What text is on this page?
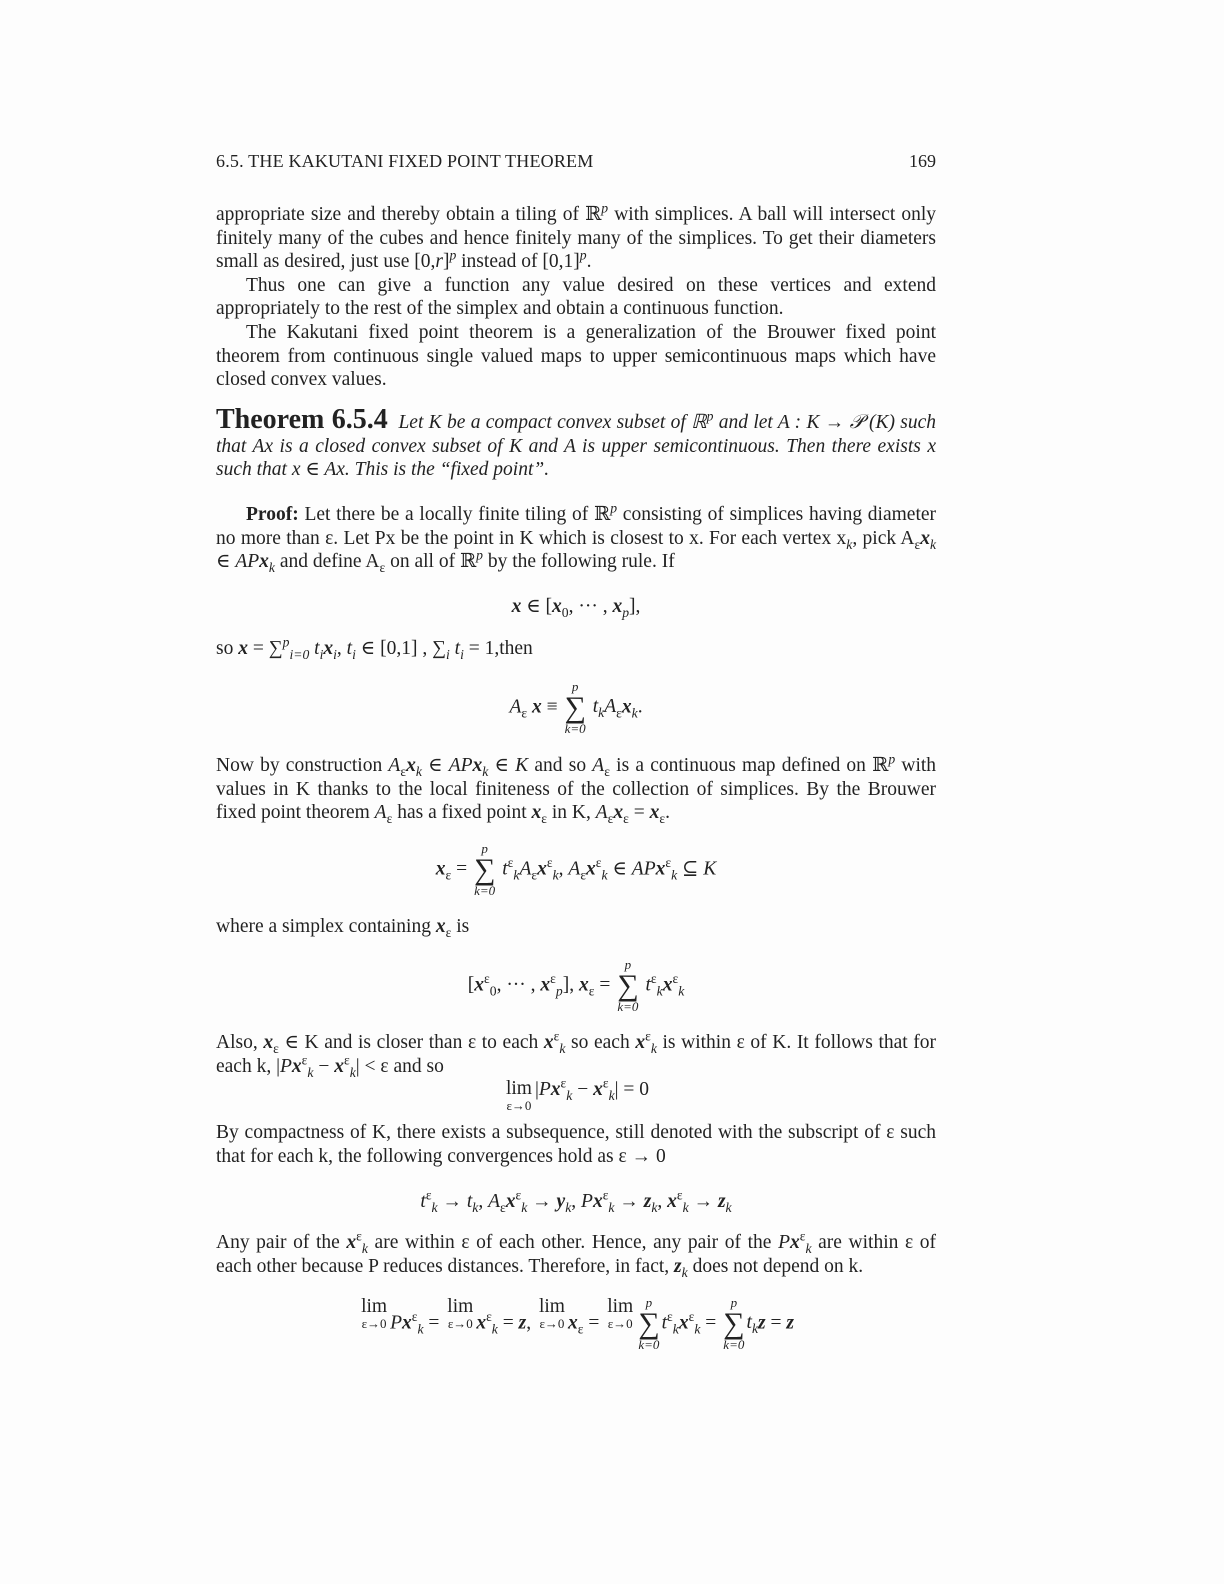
6.5. THE KAKUTANI FIXED POINT THEOREM	169

appropriate size and thereby obtain a tiling of ℝ$^p$ with simplices. A ball will intersect only finitely many of the cubes and hence finitely many of the simplices. To get their diameters small as desired, just use $[0,r]^p$ instead of $[0,1]^p$.

Thus one can give a function any value desired on these vertices and extend appropriately to the rest of the simplex and obtain a continuous function.

The Kakutani fixed point theorem is a generalization of the Brouwer fixed point theorem from continuous single valued maps to upper semicontinuous maps which have closed convex values.

Theorem 6.5.4 Let K be a compact convex subset of ℝ$^p$ and let A : K → 𝒫 (K) such that Ax is a closed convex subset of K and A is upper semicontinuous. Then there exists x such that x ∈ Ax. This is the “fixed point”.

Proof: Let there be a locally finite tiling of ℝ$^p$ consisting of simplices having diameter no more than ε. Let Px be the point in K which is closest to x. For each vertex $x_k$, pick $A_\varepsilon x_k$ ∈ APx$_k$ and define $A_\varepsilon$ on all of ℝ$^p$ by the following rule. If

x ∈ [$x_0$, ··· , $x_p$],
so x = ∑$^p_{i=0}$ $t_ix_i$, $t_i$ ∈ [0,1] , $\sum_i$ $t_i$ = 1,then
$A_\varepsilon$ x ≡
p
∑
k=0
$t_kA_\varepsilon x_k$.

Now by construction $A_\varepsilon x_k$ ∈ APx$_k$ ∈ K and so $A_\varepsilon$ is a continuous map defined on ℝ$^p$ with values in K thanks to the local finiteness of the collection of simplices. By the Brouwer fixed point theorem $A_\varepsilon$ has a fixed point $x_\varepsilon$ in K, $A_\varepsilon x_\varepsilon = x_\varepsilon$.

$x_\varepsilon$ =
p
∑
k=0
$t^\varepsilon_kA_\varepsilon x^\varepsilon_k$, $A_\varepsilon x^\varepsilon_k$ ∈ APx$^\varepsilon_k$ ⊆ K
where a simplex containing $x_\varepsilon$ is
[$x^\varepsilon_0$, ··· , $x^\varepsilon_p$], $x_\varepsilon$ =
p
∑
k=0
$t^\varepsilon_kx^\varepsilon_k$

Also, $x_\varepsilon$ ∈ K and is closer than ε to each $x^\varepsilon_k$ so each $x^\varepsilon_k$ is within ε of K. It follows that for each k, $|Px^\varepsilon_k - x^\varepsilon_k| < \varepsilon$ and so

lim
ε→0
$|Px^\varepsilon_k - x^\varepsilon_k| = 0$

By compactness of K, there exists a subsequence, still denoted with the subscript of ε such that for each k, the following convergences hold as ε → 0

$t^\varepsilon_k \to t_k$, $A_\varepsilon x^\varepsilon_k \to y_k$, $Px^\varepsilon_k \to z_k$, $x^\varepsilon_k \to z_k$

Any pair of the $x^\varepsilon_k$ are within ε of each other. Hence, any pair of the $Px^\varepsilon_k$ are within ε of each other because P reduces distances. Therefore, in fact, $z_k$ does not depend on k.

lim
ε→0 $Px^\varepsilon_k$ =
lim
ε→0 $x^\varepsilon_k = z$,
lim
ε→0 $x_\varepsilon$ =
lim
ε→0
p
∑
k=0
$t^\varepsilon_kx^\varepsilon_k$ =
p
∑
k=0
$t_kz = z$
